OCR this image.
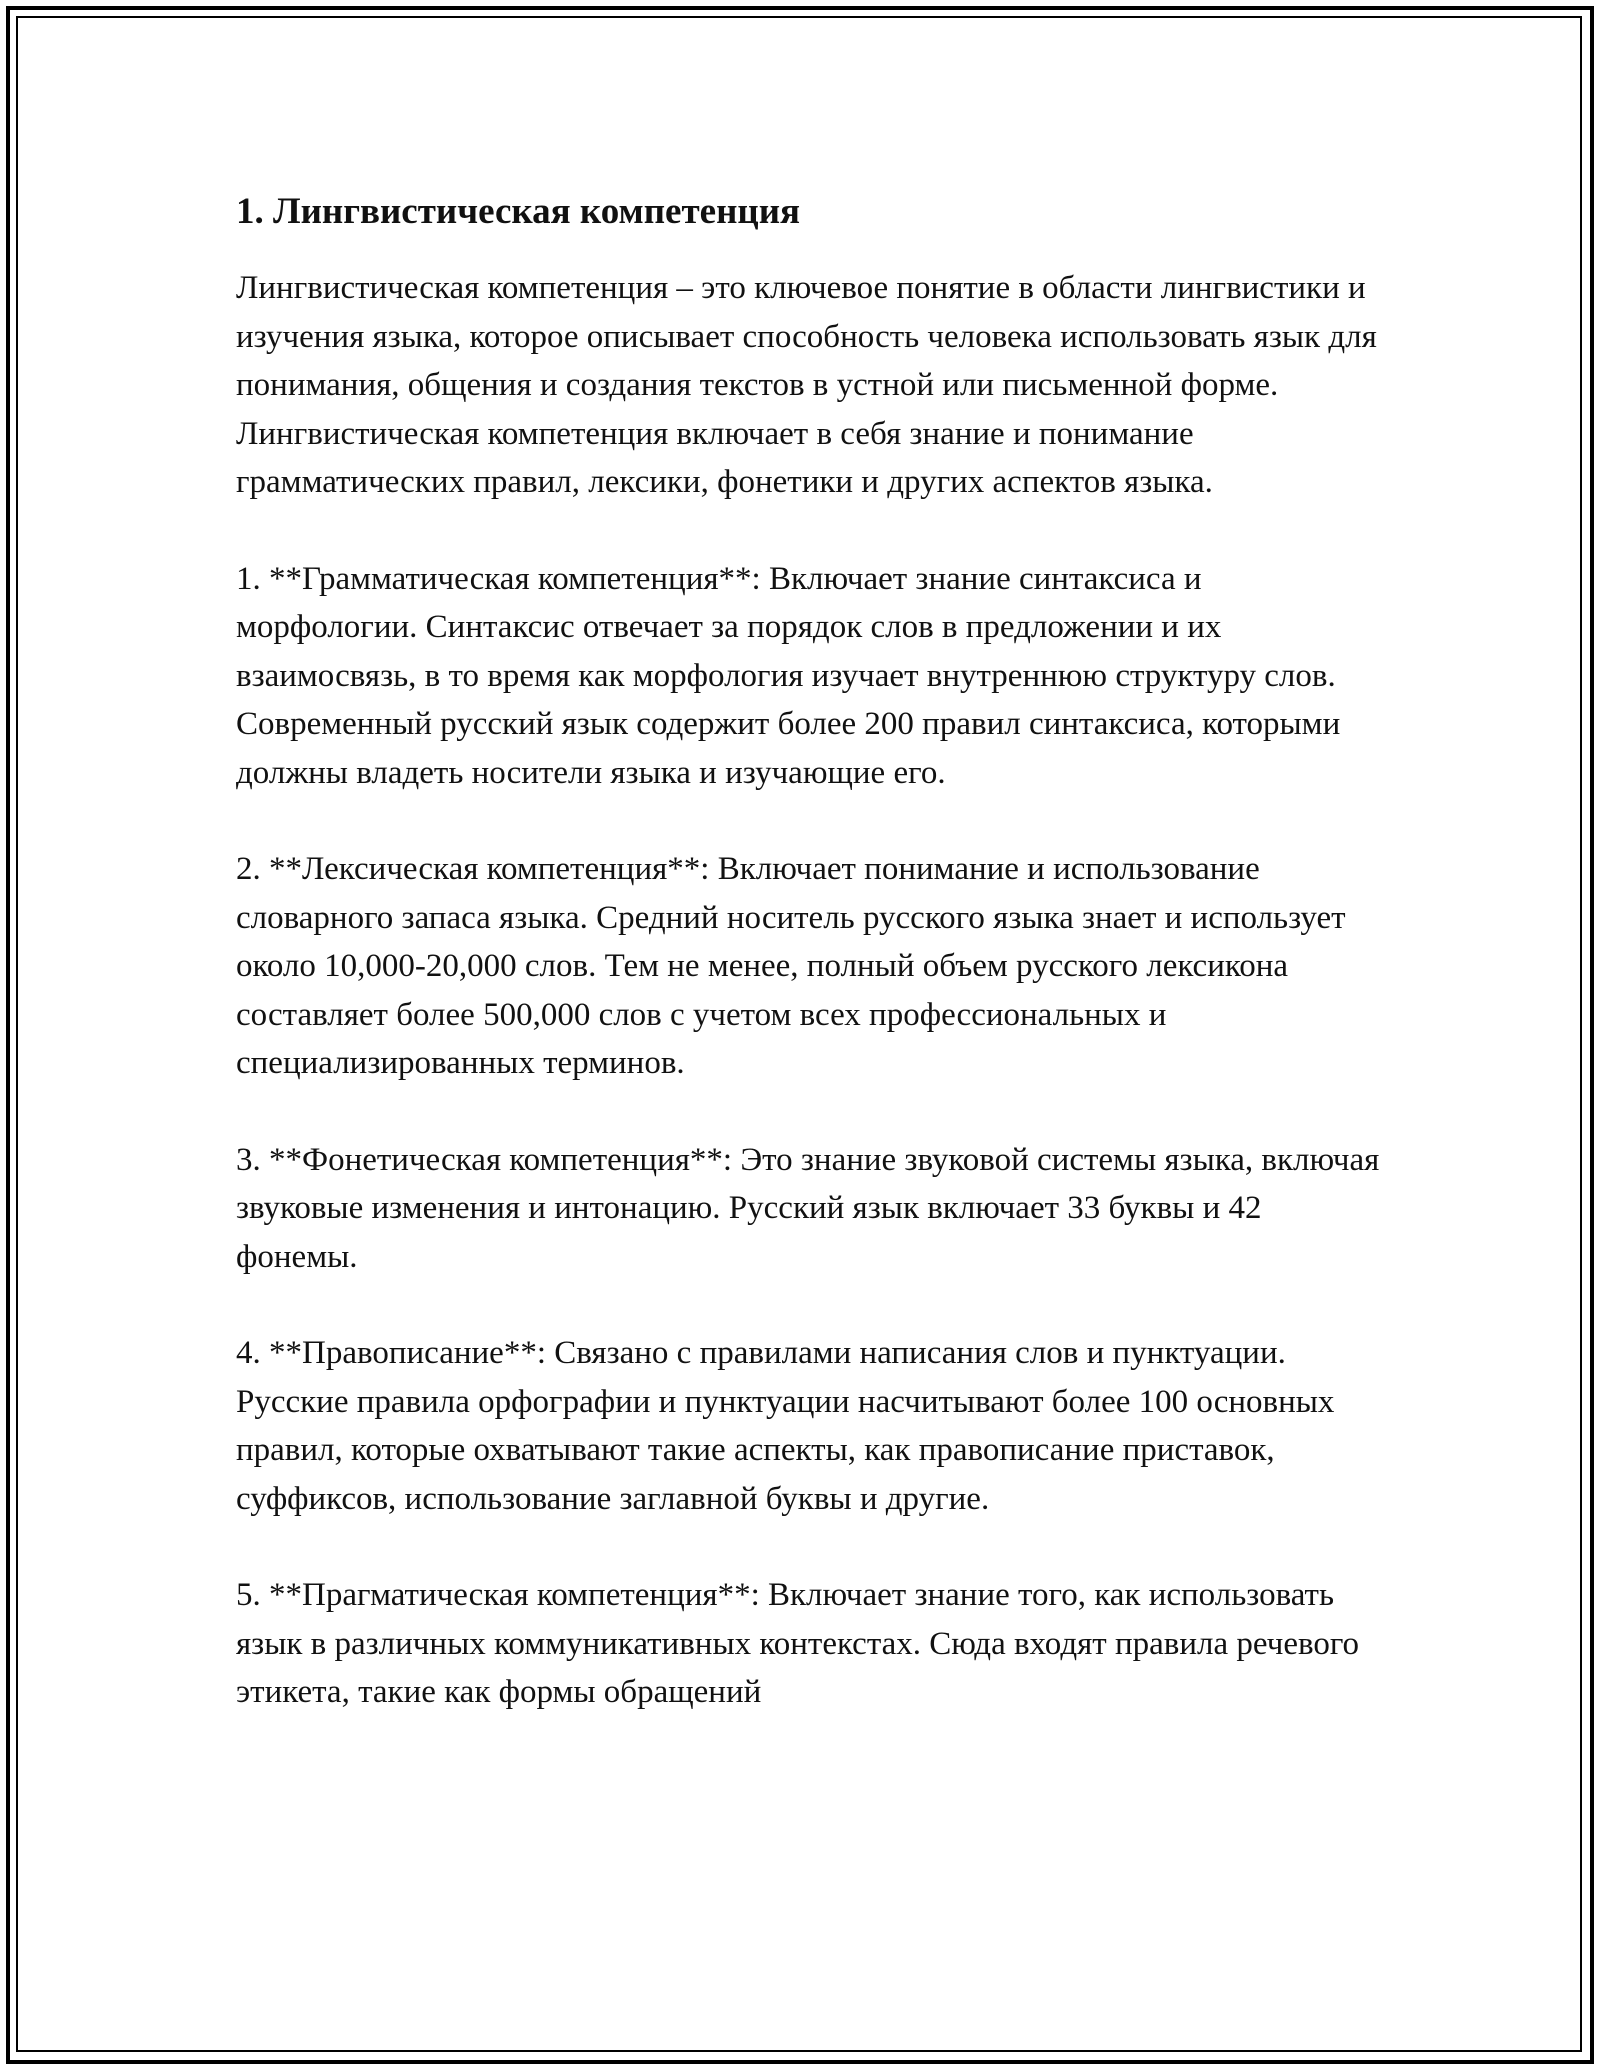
1. Лингвистическая компетенция

Лингвистическая компетенция – это ключевое понятие в области лингвистики и изучения языка, которое описывает способность человека использовать язык для понимания, общения и создания текстов в устной или письменной форме. Лингвистическая компетенция включает в себя знание и понимание грамматических правил, лексики, фонетики и других аспектов языка.

1. **Грамматическая компетенция**: Включает знание синтаксиса и морфологии. Синтаксис отвечает за порядок слов в предложении и их взаимосвязь, в то время как морфология изучает внутреннюю структуру слов. Современный русский язык содержит более 200 правил синтаксиса, которыми должны владеть носители языка и изучающие его.

2. **Лексическая компетенция**: Включает понимание и использование словарного запаса языка. Средний носитель русского языка знает и использует около 10,000-20,000 слов. Тем не менее, полный объем русского лексикона составляет более 500,000 слов с учетом всех профессиональных и специализированных терминов.

3. **Фонетическая компетенция**: Это знание звуковой системы языка, включая звуковые изменения и интонацию. Русский язык включает 33 буквы и 42 фонемы.

4. **Правописание**: Связано с правилами написания слов и пунктуации. Русские правила орфографии и пунктуации насчитывают более 100 основных правил, которые охватывают такие аспекты, как правописание приставок, суффиксов, использование заглавной буквы и другие.

5. **Прагматическая компетенция**: Включает знание того, как использовать язык в различных коммуникативных контекстах. Сюда входят правила речевого этикета, такие как формы обращений
